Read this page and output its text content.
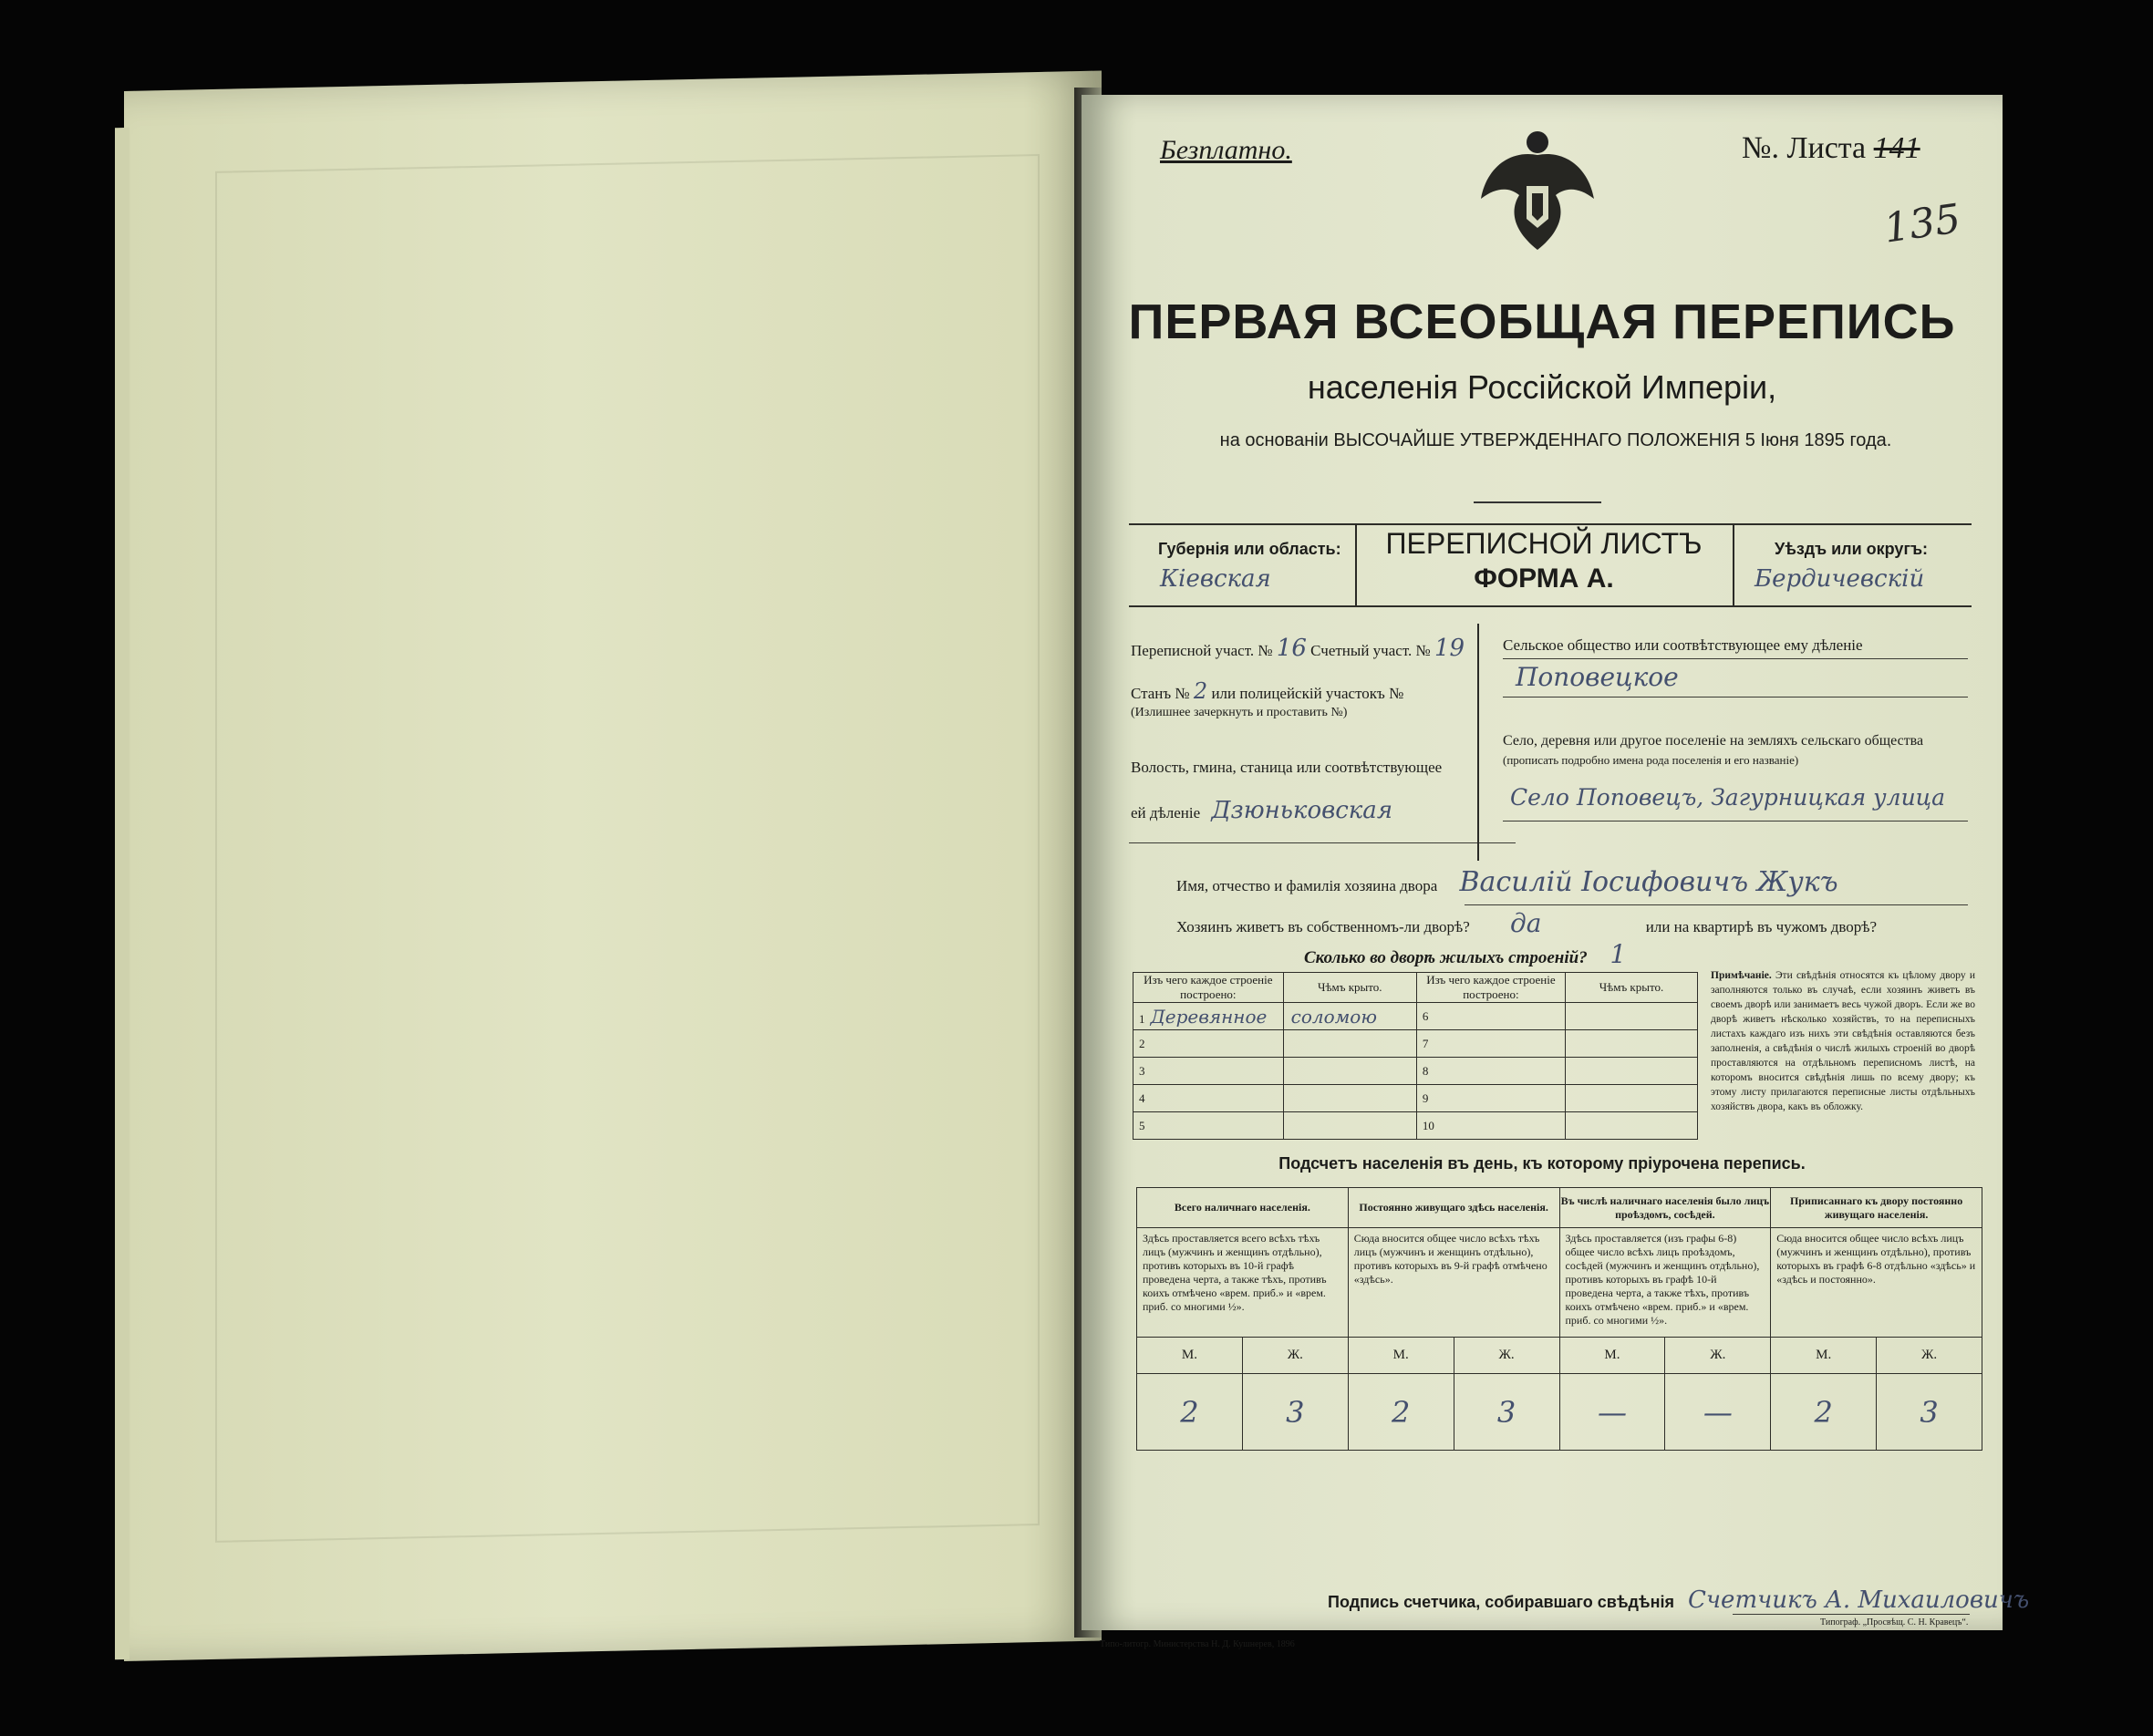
Безплатно.	№. Листа 141
135
ПЕРВАЯ ВСЕОБЩАЯ ПЕРЕПИСЬ
населенія Россійской Имперіи,
на основаніи ВЫСОЧАЙШЕ УТВЕРЖДЕННАГО ПОЛОЖЕНІЯ 5 Іюня 1895 года.
Губернія или область:
Кіевская
ПЕРЕПИСНОЙ ЛИСТЪ
ФОРМА А.
Уѣздъ или округъ:
Бердичевскій
Переписной участ. № 16 Счетный участ. № 19
Станъ № 2 или полицейскій участокъ №
(Излишнее зачеркнуть и проставить №)
Волость, гмина, станица или соотвѣтствующее
ей дѣленіе Дзюньковская
Сельское общество или соотвѣтствующее ему дѣленіе
Поповецкое
Село, деревня или другое поселеніе на земляхъ сельскаго общества
(прописать подробно имена рода поселенія и его названіе)
Село Поповецъ, Загурницкая улица
Имя, отчество и фамилія хозяина двора Василій Іосифовичъ Жукъ
Хозяинъ живетъ въ собственномъ-ли дворѣ? да	или на квартирѣ въ чужомъ дворѣ?
Сколько во дворѣ жилыхъ строеній? 1
Изъ чего каждое строеніе построено:	Чѣмъ крыто.	Изъ чего каждое строеніе построено:	Чѣмъ крыто.
1 Деревянное	соломою	6	
2		7	
3		8	
4		9	
5		10	
Примѣчаніе. Эти свѣдѣнія относятся къ цѣлому двору и заполняются только въ случаѣ, если хозяинъ живетъ въ своемъ дворѣ или занимаетъ весь чужой дворъ. Если же во дворѣ живетъ нѣсколько хозяйствъ, то на переписныхъ листахъ каждаго изъ нихъ эти свѣдѣнія оставляются безъ заполненія, а свѣдѣнія о числѣ жилыхъ строеній во дворѣ проставляются на отдѣльномъ переписномъ листѣ, на которомъ вносится свѣдѣнія лишь по всему двору; къ этому листу прилагаются переписные листы отдѣльныхъ хозяйствъ двора, какъ въ обложку.
Подсчетъ населенія въ день, къ которому пріурочена перепись.
Всего наличнаго населенія.		Постоянно живущаго здѣсь населенія.		Въ числѣ наличнаго населенія было лицъ проѣздомъ, сосѣдей.		Приписаннаго къ двору постоянно живущаго населенія.	
Здѣсь проставляется всего всѣхъ тѣхъ лицъ (мужчинъ и женщинъ отдѣльно), противъ которыхъ въ 10-й графѣ проведена черта, а также тѣхъ, противъ коихъ отмѣчено «врем. приб.» и «врем. приб. со многими ½».		Сюда вносится общее число всѣхъ тѣхъ лицъ (мужчинъ и женщинъ отдѣльно), противъ которыхъ въ 9-й графѣ отмѣчено «здѣсь».		Здѣсь проставляется (изъ графы 6-8) общее число всѣхъ лицъ проѣздомъ, сосѣдей (мужчинъ и женщинъ отдѣльно), противъ которыхъ въ графѣ 10-й проведена черта, а также тѣхъ, противъ коихъ отмѣчено «врем. приб.» и «врем. приб. со многими ½».		Сюда вносится общее число всѣхъ лицъ (мужчинъ и женщинъ отдѣльно), противъ которыхъ въ графѣ 6-8 отдѣльно «здѣсь» и «здѣсь и постоянно».	
М.	Ж.	М.	Ж.	М.	Ж.	М.	Ж.
2	3	2	3	—	—	2	3
Подпись счетчика, собиравшаго свѣдѣнія Счетчикъ А. Михаиловичъ
Типо-литогр. Министерства Н. Д. Кушнерев, 1896
Типограф. „Просвѣщ. С. Н. Кравецъ“.
